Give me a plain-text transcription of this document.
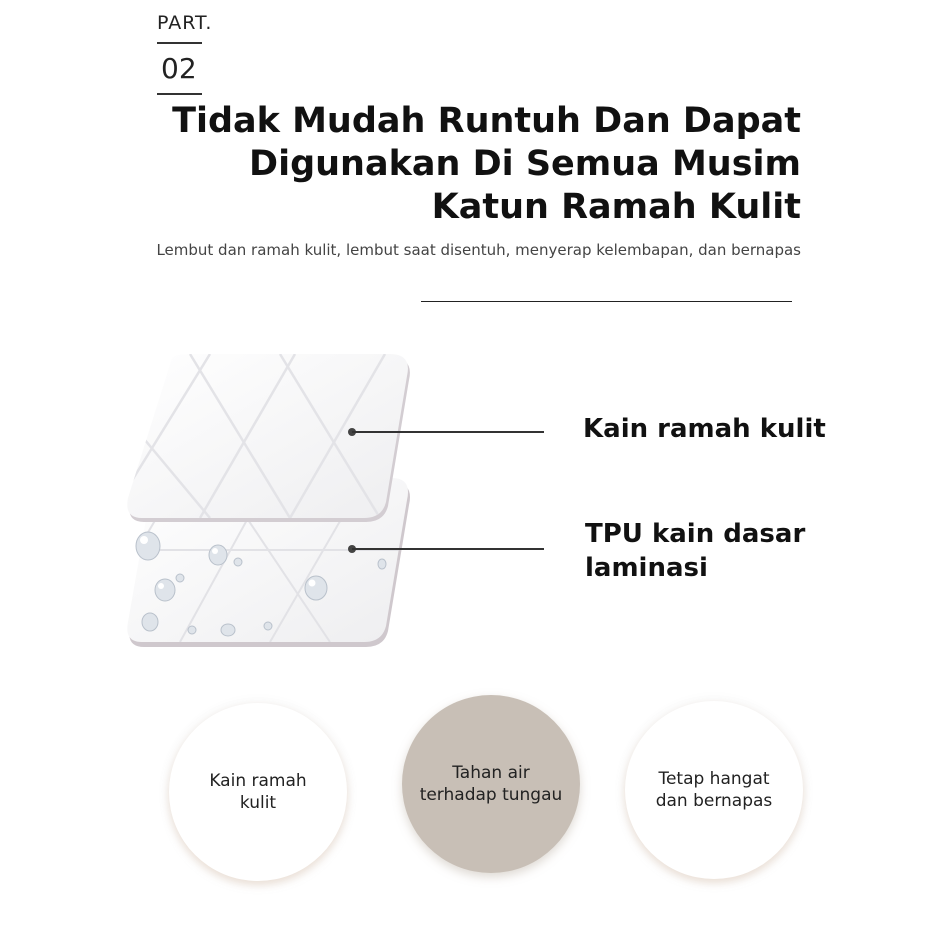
PART.
02
Tidak Mudah Runtuh Dan Dapat
Digunakan Di Semua Musim
Katun Ramah Kulit
Lembut dan ramah kulit, lembut saat disentuh, menyerap kelembapan, dan bernapas
Kain ramah kulit
TPU kain dasar
laminasi
Kain ramah
kulit
Tahan air
terhadap tungau
Tetap hangat
dan bernapas
